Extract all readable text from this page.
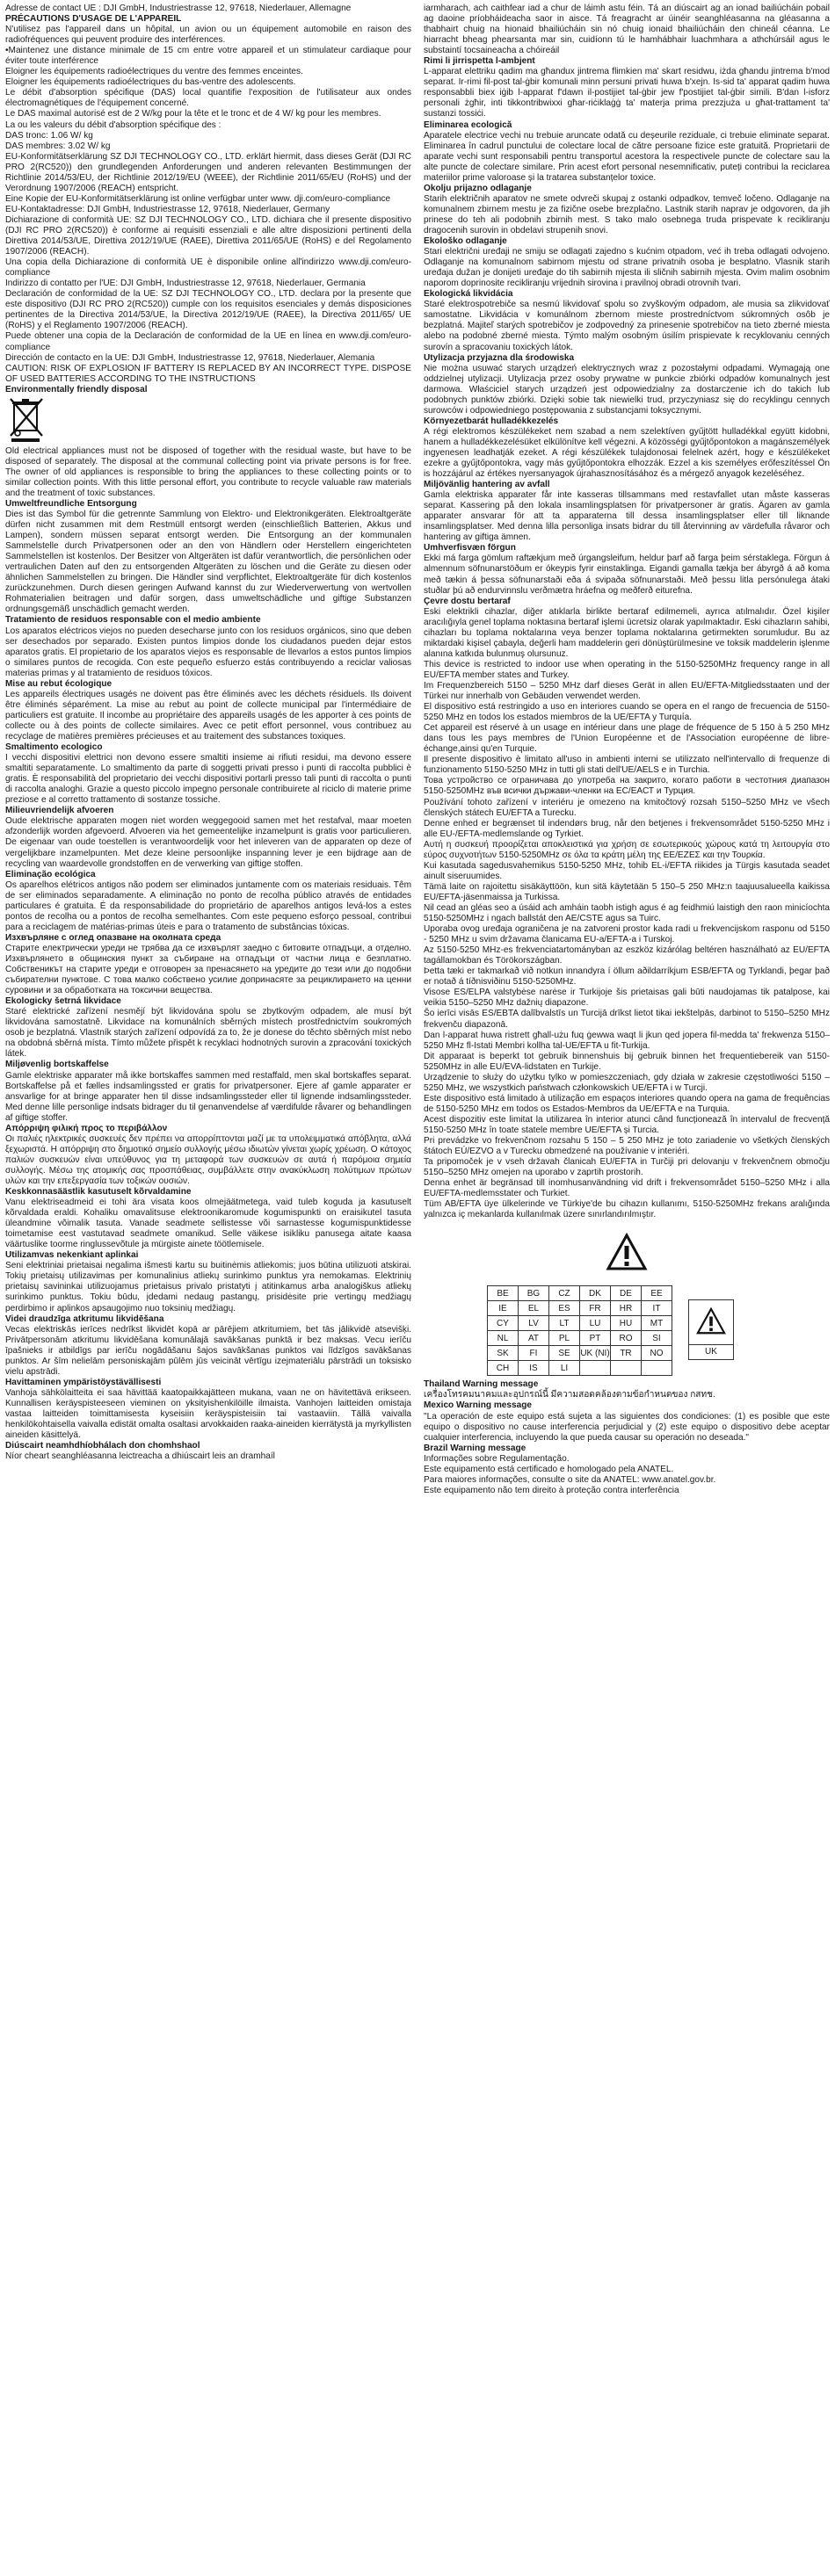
Adresse de contact UE : DJI GmbH, Industriestrasse 12, 97618, Niederlauer, Allemagne

PRÉCAUTIONS D'USAGE DE L'APPAREIL

N'utilisez pas l'appareil dans un hôpital, un avion ou un équipement automobile en raison des radiofréquences qui peuvent produire des interférences.

•Maintenez une distance minimale de 15 cm entre votre appareil et un stimulateur cardiaque pour éviter toute interférence

Eloigner les équipements radioélectriques du ventre des femmes enceintes.

Eloigner les équipements radioélectriques du bas-ventre des adolescents.

Le débit d'absorption spécifique (DAS) local quantifie l'exposition de l'utilisateur aux ondes électromagnétiques de l'équipement concerné.

Le DAS maximal autorisé est de 2 W/kg pour la tête et le tronc et de 4 W/ kg pour les membres.

La ou les valeurs du débit d'absorption spécifique des :

DAS tronc: 1.06 W/ kg

DAS membres: 3.02 W/ kg

EU-Konformitätserklärung SZ DJI TECHNOLOGY CO., LTD. erklärt hiermit, dass dieses Gerät (DJI RC PRO 2(RC520)) den grundlegenden Anforderungen und anderen relevanten Bestimmungen der Richtlinie 2014/53/EU, der Richtlinie 2012/19/EU (WEEE), der Richtlinie 2011/65/EU (RoHS) und der Verordnung 1907/2006 (REACH) entspricht.

Eine Kopie der EU-Konformitätserklärung ist online verfügbar unter www. dji.com/euro-compliance

EU-Kontaktadresse: DJI GmbH, Industriestrasse 12, 97618, Niederlauer, Germany

Dichiarazione di conformità UE: SZ DJI TECHNOLOGY CO., LTD. dichiara che il presente dispositivo (DJI RC PRO 2(RC520)) è conforme ai requisiti essenziali e alle altre disposizioni pertinenti della Direttiva 2014/53/UE, Direttiva 2012/19/UE (RAEE), Direttiva 2011/65/UE (RoHS) e del Regolamento 1907/2006 (REACH).

Una copia della Dichiarazione di conformità UE è disponibile online all'indirizzo www.dji.com/euro-compliance

Indirizzo di contatto per l'UE: DJI GmbH, Industriestrasse 12, 97618, Niederlauer, Germania

Declaración de conformidad de la UE: SZ DJI TECHNOLOGY CO., LTD. declara por la presente que este dispositivo (DJI RC PRO 2(RC520)) cumple con los requisitos esenciales y demás disposiciones pertinentes de la Directiva 2014/53/UE, la Directiva 2012/19/UE (RAEE), la Directiva 2011/65/ UE (RoHS) y el Reglamento 1907/2006 (REACH).

Puede obtener una copia de la Declaración de conformidad de la UE en línea en www.dji.com/euro-compliance

Dirección de contacto en la UE: DJI GmbH, Industriestrasse 12, 97618, Niederlauer, Alemania

CAUTION: RISK OF EXPLOSION IF BATTERY IS REPLACED BY AN INCORRECT TYPE. DISPOSE OF USED BATTERIES ACCORDING TO THE INSTRUCTIONS

Environmentally friendly disposal

Old electrical appliances must not be disposed of together with the residual waste, but have to be disposed of separately. The disposal at the communal collecting point via private persons is for free. The owner of old appliances is responsible to bring the appliances to these collecting points or to similar collection points. With this little personal effort, you contribute to recycle valuable raw materials and the treatment of toxic substances.

Umweltfreundliche Entsorgung

Dies ist das Symbol für die getrennte Sammlung von Elektro- und Elektronikgeräten. Elektroaltgeräte dürfen nicht zusammen mit dem Restmüll entsorgt werden (einschließlich Batterien, Akkus und Lampen), sondern müssen separat entsorgt werden. Die Entsorgung an der kommunalen Sammelstelle durch Privatpersonen oder an den von Händlern oder Herstellern eingerichteten Sammelstellen ist kostenlos. Der Besitzer von Altgeräten ist dafür verantwortlich, die persönlichen oder vertraulichen Daten auf den zu entsorgenden Altgeräten zu löschen und die Geräte zu diesen oder ähnlichen Sammelstellen zu bringen. Die Händler sind verpflichtet, Elektroaltgeräte für dich kostenlos zurückzunehmen. Durch diesen geringen Aufwand kannst du zur Wiederverwertung von wertvollen Rohmaterialien beitragen und dafür sorgen, dass umweltschädliche und giftige Substanzen ordnungsgemäß unschädlich gemacht werden.

Tratamiento de residuos responsable con el medio ambiente

Los aparatos eléctricos viejos no pueden desecharse junto con los residuos orgánicos, sino que deben ser desechados por separado. Existen puntos limpios donde los ciudadanos pueden dejar estos aparatos gratis. El propietario de los aparatos viejos es responsable de llevarlos a estos puntos limpios o similares puntos de recogida. Con este pequeño esfuerzo estás contribuyendo a reciclar valiosas materias primas y al tratamiento de residuos tóxicos.

Mise au rebut écologique

Les appareils électriques usagés ne doivent pas être éliminés avec les déchets résiduels. Ils doivent être éliminés séparément. La mise au rebut au point de collecte municipal par l'intermédiaire de particuliers est gratuite. Il incombe au propriétaire des appareils usagés de les apporter à ces points de collecte ou à des points de collecte similaires. Avec ce petit effort personnel, vous contribuez au recyclage de matières premières précieuses et au traitement des substances toxiques.

Smaltimento ecologico

I vecchi dispositivi elettrici non devono essere smaltiti insieme ai rifiuti residui, ma devono essere smaltiti separatamente. Lo smaltimento da parte di soggetti privati presso i punti di raccolta pubblici è gratis. È responsabilità del proprietario dei vecchi dispositivi portarli presso tali punti di raccolta o punti di raccolta analoghi. Grazie a questo piccolo impegno personale contribuirete al riciclo di materie prime preziose e al corretto trattamento di sostanze tossiche.

Milieuvriendelijk afvoeren

Oude elektrische apparaten mogen niet worden weggegooid samen met het restafval, maar moeten afzonderlijk worden afgevoerd. Afvoeren via het gemeentelijke inzamelpunt is gratis voor particulieren. De eigenaar van oude toestellen is verantwoordelijk voor het inleveren van de apparaten op deze of vergelijkbare inzamelpunten. Met deze kleine persoonlijke inspanning lever je een bijdrage aan de recycling van waardevolle grondstoffen en de verwerking van giftige stoffen.

Eliminação ecológica

Os aparelhos elétricos antigos não podem ser eliminados juntamente com os materiais residuais. Têm de ser eliminados separadamente. A eliminação no ponto de recolha público através de entidades particulares é gratuita. É da responsabilidade do proprietário de aparelhos antigos levá-los a estes pontos de recolha ou a pontos de recolha semelhantes. Com este pequeno esforço pessoal, contribui para a reciclagem de matérias-primas úteis e para o tratamento de substâncias tóxicas.

Изхвърляне с оглед опазване на околната среда

Старите електрически уреди не трябва да се изхвърлят заедно с битовите отпадъци, а отделно. Изхвърлянето в общинския пункт за събиране на отпадъци от частни лица е безплатно. Собственикът на старите уреди е отговорен за пренасянето на уредите до тези или до подобни събирателни пунктове. С това малко собствено усилие допринасяте за рециклирането на ценни суровини и за обработката на токсични вещества.

Ekologicky šetrná likvidace

Staré elektrické zařízení nesmějí být likvidována spolu se zbytkovým odpadem, ale musí být likvidována samostatně. Likvidace na komunálních sběrných místech prostřednictvím soukromých osob je bezplatná. Vlastník starých zařízení odpovídá za to, že je donese do těchto sběrných míst nebo na obdobná sběrná místa. Tímto můžete přispět k recyklaci hodnotných surovin a zpracování toxických látek.

Miljøvenlig bortskaffelse

Gamle elektriske apparater må ikke bortskaffes sammen med restaffald, men skal bortskaffes separat. Bortskaffelse på et fælles indsamlingssted er gratis for privatpersoner. Ejere af gamle apparater er ansvarlige for at bringe apparater hen til disse indsamlingssteder eller til lignende indsamlingssteder. Med denne lille personlige indsats bidrager du til genanvendelse af værdifulde råvarer og behandlingen af giftige stoffer.

Απόρριψη φιλική προς το περιβάλλον

Οι παλιές ηλεκτρικές συσκευές δεν πρέπει να απορρίπτονται μαζί με τα υπολειμματικά απόβλητα, αλλά ξεχωριστά. Η απόρριψη στο δημοτικό σημείο συλλογής μέσω ιδιωτών γίνεται χωρίς χρέωση. Ο κάτοχος παλιών συσκευών είναι υπεύθυνος για τη μεταφορά των συσκευών σε αυτά ή παρόμοια σημεία συλλογής. Μέσω της ατομικής σας προσπάθειας, συμβάλλετε στην ανακύκλωση πολύτιμων πρώτων υλών και την επεξεργασία των τοξικών ουσιών.

Keskkonnasäästlik kasutuselt kõrvaldamine

Vanu elektriseadmeid ei tohi ära visata koos olmejäätmetega, vaid tuleb koguda ja kasutuselt kõrvaldada eraldi. Kohaliku omavalitsuse elektroonikaromude kogumispunkti on eraisikutel tasuta üleandmine võimalik tasuta. Vanade seadmete sellistesse või sarnastesse kogumispunktidesse toimetamise eest vastutavad seadmete omanikud. Selle väikese isikliku panusega aitate kaasa väärtuslike toorme ringlussevõtule ja mürgiste ainete töötlemisele.

Utilizamvas nekenkiant aplinkai

Seni elektriniai prietaisai negalima išmesti kartu su buitinėmis atliekomis; juos būtina utilizuoti atskirai. Tokių prietaisų utilizavimas per komunalinius atliekų surinkimo punktus yra nemokamas. Elektrinių prietaisų savininkai utilizuojamus prietaisus privalo pristatyti į atitinkamus arba analogiškus atliekų surinkimo punktus. Tokiu būdu, įdedami nedaug pastangų, prisidėsite prie vertingų medžiagų perdirbimo ir aplinkos apsaugojimo nuo toksinių medžiagų.

Videi draudzīga atkritumu likvidēšana

Vecas elektriskās ierīces nedrīkst likvidēt kopā ar pārējiem atkritumiem, bet tās jālikvidē atsevišķi. Privātpersonām atkritumu likvidēšana komunālajā savākšanas punktā ir bez maksas. Vecu ierīču īpašnieks ir atbildīgs par ierīču nogādāšanu šajos savākšanas punktos vai līdzīgos savākšanas punktos. Ar šīm nelielām personiskajām pūlēm jūs veicināt vērtīgu izejmateriālu pārstrādi un toksisko vielu apstrādi.

Havittaminen ympäristöystävällisesti

Vanhoja sähkölaitteita ei saa hävittää kaatopaikkajätteen mukana, vaan ne on hävitettävä erikseen. Kunnallisen keräyspisteeseen vieminen on yksityishenkilöille ilmaista. Vanhojen laitteiden omistaja vastaa laitteiden toimittamisesta kyseisiin keräyspisteisiin tai vastaaviin. Tällä vaivalla henkilökohtaisella vaivalla edistät omalta osaltasi arvokkaiden raaka-aineiden kierrätystä ja myrkyllisten aineiden käsittelyä.

Diúscairt neamhdhíobhálach don chomhshaol

Níor cheart seanghléasanna leictreacha a dhiúscairt leis an dramhaíl

iarmharach, ach caithfear iad a chur de láimh astu féin. Tá an diúscairt ag an ionad bailiúcháin pobail ag daoine príobháideacha saor in aisce. Tá freagracht ar úinéir seanghléasanna na gléasanna a thabhairt chuig na hionaid bhailiúcháin sin nó chuig ionaid bhailiúcháin den chineál céanna. Le hiarracht bheag phearsanta mar sin, cuidíonn tú le hamhábhair luachmhara a athchúrsáil agus le substaintí tocsaineacha a chóireáil

Rimi li jirrispetta l-ambjent

L-apparat elettriku qadim ma għandux jintrema flimkien ma' skart residwu, iżda għandu jintrema b'mod separat. Ir-rimi fil-post tal-ġbir komunali minn persuni privati huwa b'xejn. Is-sid ta' apparat qadim huwa responsabbli biex iġib l-apparat f'dawn il-postijiet tal-ġbir jew f'postijiet tal-ġbir simili. B'dan l-isforz personali żgħir, inti tikkontribwixxi għar-riċiklaġġ ta' materja prima prezzjuża u għat-trattament ta' sustanzi tossiċi.

Eliminarea ecologică

Aparatele electrice vechi nu trebuie aruncate odată cu deșeurile reziduale, ci trebuie eliminate separat. Eliminarea în cadrul punctului de colectare local de către persoane fizice este gratuită. Proprietarii de aparate vechi sunt responsabili pentru transportul acestora la respectivele puncte de colectare sau la alte puncte de colectare similare. Prin acest efort personal nesemnificativ, puteți contribui la reciclarea materiilor prime valoroase și la tratarea substanțelor toxice.

Okolju prijazno odlaganje

Starih električnih aparatov ne smete odvreči skupaj z ostanki odpadkov, temveč ločeno. Odlaganje na komunalnem zbirnem mestu je za fizične osebe brezplačno. Lastnik starih naprav je odgovoren, da jih prinese do teh ali podobnih zbirnih mest. S tako malo osebnega truda prispevate k recikliranju dragocenih surovin in obdelavi strupenih snovi.

Ekološko odlaganje

Stari električni uređaji ne smiju se odlagati zajedno s kućnim otpadom, već ih treba odlagati odvojeno. Odlaganje na komunalnom sabirnom mjestu od strane privatnih osoba je besplatno. Vlasnik starih uređaja dužan je donijeti uređaje do tih sabirnih mjesta ili sličnih sabirnih mjesta. Ovim malim osobnim naporom doprinosite recikliranju vrijednih sirovina i pravilnoj obradi otrovnih tvari.

Ekologická likvidácia

Staré elektrospotrebiče sa nesmú likvidovať spolu so zvyškovým odpadom, ale musia sa zlikvidovať samostatne. Likvidácia v komunálnom zbernom mieste prostredníctvom súkromných osôb je bezplatná. Majiteľ starých spotrebičov je zodpovedný za prinesenie spotrebičov na tieto zberné miesta alebo na podobné zberné miesta. Týmto malým osobným úsilím prispievate k recyklovaniu cenných surovín a spracovaniu toxických látok.

Utylizacja przyjazna dla środowiska

Nie można usuwać starych urządzeń elektrycznych wraz z pozostałymi odpadami. Wymagają one oddzielnej utylizacji. Utylizacja przez osoby prywatne w punkcie zbiórki odpadów komunalnych jest darmowa. Właściciel starych urządzeń jest odpowiedzialny za dostarczenie ich do takich lub podobnych punktów zbiórki. Dzięki sobie tak niewielki trud, przyczyniasz się do recyklingu cennych surowców i odpowiedniego postępowania z substancjami toksycznymi.

Környezetbarát hulladékkezelés

A régi elektromos készülékeket nem szabad a nem szelektíven gyűjtött hulladékkal együtt kidobni, hanem a hulladékkezelésüket elkülönítve kell végezni. A közösségi gyűjtőpontokon a magánszemélyek ingyenesen leadhatják ezeket. A régi készülékek tulajdonosai felelnek azért, hogy e készülékeket ezekre a gyűjtőpontokra, vagy más gyűjtőpontokra elhozzák. Ezzel a kis személyes erőfeszítéssel Ön is hozzájárul az értékes nyersanyagok újrahasznosításához és a mérgező anyagok kezeléséhez.

Miljövänlig hantering av avfall

Gamla elektriska apparater får inte kasseras tillsammans med restavfallet utan måste kasseras separat. Kassering på den lokala insamlingsplatsen för privatpersoner är gratis. Ägaren av gamla apparater ansvarar för att ta apparaterna till dessa insamlingsplatser eller till liknande insamlingsplatser. Med denna lilla personliga insats bidrar du till återvinning av värdefulla råvaror och hantering av giftiga ämnen.

Umhverfisvæn förgun

Ekki má farga gömlum raftækjum með úrgangsleifum, heldur þarf að farga þeim sérstaklega. Förgun á almennum söfnunarstöðum er ókeypis fyrir einstaklinga. Eigandi gamalla tækja ber ábyrgð á að koma með tækin á þessa söfnunarstaði eða á svipaða söfnunarstaði. Með þessu litla persónulega átaki stuðlar þú að endurvinnslu verðmætra hráefna og meðferð eiturefna.

Çevre dostu bertaraf

Eski elektrikli cihazlar, diğer atıklarla birlikte bertaraf edilmemeli, ayrıca atılmalıdır. Özel kişiler aracılığıyla genel toplama noktasına bertaraf işlemi ücretsiz olarak yapılmaktadır. Eski cihazların sahibi, cihazları bu toplama noktalarına veya benzer toplama noktalarına getirmekten sorumludur. Bu az miktardaki kişisel çabayla, değerli ham maddelerin geri dönüştürülmesine ve toksik maddelerin işlenme alanına katkıda bulunmuş olursunuz.

This device is restricted to indoor use when operating in the 5150-5250MHz frequency range in all EU/EFTA member states and Turkey.

Im Frequenzbereich 5150 – 5250 MHz darf dieses Gerät in allen EU/EFTA-Mitgliedsstaaten und der Türkei nur innerhalb von Gebäuden verwendet werden.

El dispositivo está restringido a uso en interiores cuando se opera en el rango de frecuencia de 5150-5250 MHz en todos los estados miembros de la UE/EFTA y Turquía.

Cet appareil est réservé à un usage en intérieur dans une plage de fréquence de 5 150 à 5 250 MHz dans tous les pays membres de l'Union Européenne et de l'Association européenne de libre-échange,ainsi qu'en Turquie.

Il presente dispositivo è limitato all'uso in ambienti interni se utilizzato nell'intervallo di frequenze di funzionamento 5150-5250 MHz in tutti gli stati dell'UE/AELS e in Turchia.

Това устройство се ограничава до употреба на закрито, когато работи в честотния диапазон 5150-5250MHz във всички държави-членки на ЕС/ЕАСТ и Турция.

Používání tohoto zařízení v interiéru je omezeno na kmitočtový rozsah 5150–5250 MHz ve všech členských státech EU/EFTA a Turecku.

Denne enhed er begrænset til indendørs brug, når den betjenes i frekvensområdet 5150-5250 MHz i alle EU-/EFTA-medlemslande og Tyrkiet.

Αυτή η συσκευή προορίζεται αποκλειστικά για χρήση σε εσωτερικούς χώρους κατά τη λειτουργία στο εύρος συχνοτήτων 5150-5250MHz σε όλα τα κράτη μέλη της ΕΕ/ΕΖΕΣ και την Τουρκία.

Kui kasutada sagedusvahemikus 5150-5250 MHz, tohib EL-i/EFTA riikides ja Türgis kasutada seadet ainult siseruumides.

Tämä laite on rajoitettu sisäkäyttöön, kun sitä käytetään 5 150–5 250 MHz:n taajuusalueella kaikissa EU/EFTA-jäsenmaissa ja Turkissa.

Nil cead an gléas seo a úsáid ach amháin taobh istigh agus é ag feidhmiú laistigh den raon minicíochta 5150-5250MHz i ngach ballstát den AE/CSTE agus sa Tuirc.

Uporaba ovog uređaja ograničena je na zatvoreni prostor kada radi u frekvencijskom rasponu od 5150 - 5250 MHz u svim državama članicama EU-a/EFTA-a i Turskoj.

Az 5150-5250 MHz-es frekvenciatartományban az eszköz kizárólag beltéren használható az EU/EFTA tagállamokban és Törökországban.

Þetta tæki er takmarkað við notkun innandyra í öllum aðildarríkjum ESB/EFTA og Tyrklandi, þegar það er notað á tíðnisviðinu 5150-5250MHz.

Visose ES/ELPA valstybėse narėse ir Turkijoje šis prietaisas gali būti naudojamas tik patalpose, kai veikia 5150–5250 MHz dažnių diapazone.

Šo ierīci visās ES/EBTA dalībvalstīs un Turcijā drīkst lietot tikai iekštelpās, darbinot to 5150–5250 MHz frekvenču diapazonā.

Dan l-apparat huwa ristrett għall-użu fuq ġewwa waqt li jkun qed jopera fil-medda ta' frekwenza 5150–5250 MHz fl-Istati Membri kollha tal-UE/EFTA u fit-Turkija.

Dit apparaat is beperkt tot gebruik binnenshuis bij gebruik binnen het frequentiebereik van 5150-5250MHz in alle EU/EVA-lidstaten en Turkije.

Urządzenie to służy do użytku tylko w pomieszczeniach, gdy działa w zakresie częstotliwości 5150 – 5250 MHz, we wszystkich państwach członkowskich UE/EFTA i w Turcji.

Este dispositivo está limitado à utilização em espaços interiores quando opera na gama de frequências de 5150-5250 MHz em todos os Estados-Membros da UE/EFTA e na Turquia.

Acest dispozitiv este limitat la utilizarea în interior atunci când funcționează în intervalul de frecvență 5150-5250 MHz în toate statele membre UE/EFTA și Turcia.

Pri prevádzke vo frekvenčnom rozsahu 5 150 – 5 250 MHz je toto zariadenie vo všetkých členských štátoch EÚ/EZVO a v Turecku obmedzené na používanie v interiéri.

Ta pripomoček je v vseh državah članicah EU/EFTA in Turčiji pri delovanju v frekvenčnem območju 5150–5250 MHz omejen na uporabo v zaprtih prostorih.

Denna enhet är begränsad till inomhusanvändning vid drift i frekvensområdet 5150–5250 MHz i alla EU/EFTA-medlemsstater och Turkiet.

Tüm AB/EFTA üye ülkelerinde ve Türkiye'de bu cihazın kullanımı, 5150-5250MHz frekans aralığında yalnızca iç mekanlarda kullanılmak üzere sınırlandırılmıştır.

BE	BG	CZ	DK	DE	EE
IE	EL	ES	FR	HR	IT
CY	LV	LT	LU	HU	MT
NL	AT	PL	PT	RO	SI
SK	FI	SE	UK (NI)	TR	NO
CH	IS	LI			
UK
Thailand Warning message

เครื่องโทรคมนาคมและอุปกรณ์นี้ มีความสอดคล้องตามข้อกำหนดของ กสทช.

Mexico Warning message

"La operación de este equipo está sujeta a las siguientes dos condiciones: (1) es posible que este equipo o dispositivo no cause interferencia perjudicial y (2) este equipo o dispositivo debe aceptar cualquier interferencia, incluyendo la que pueda causar su operación no deseada."

Brazil Warning message

Informações sobre Regulamentação.

Este equipamento está certificado e homologado pela ANATEL.

Para maiores informações, consulte o site da ANATEL: www.anatel.gov.br.

Este equipamento não tem direito à proteção contra interferência
